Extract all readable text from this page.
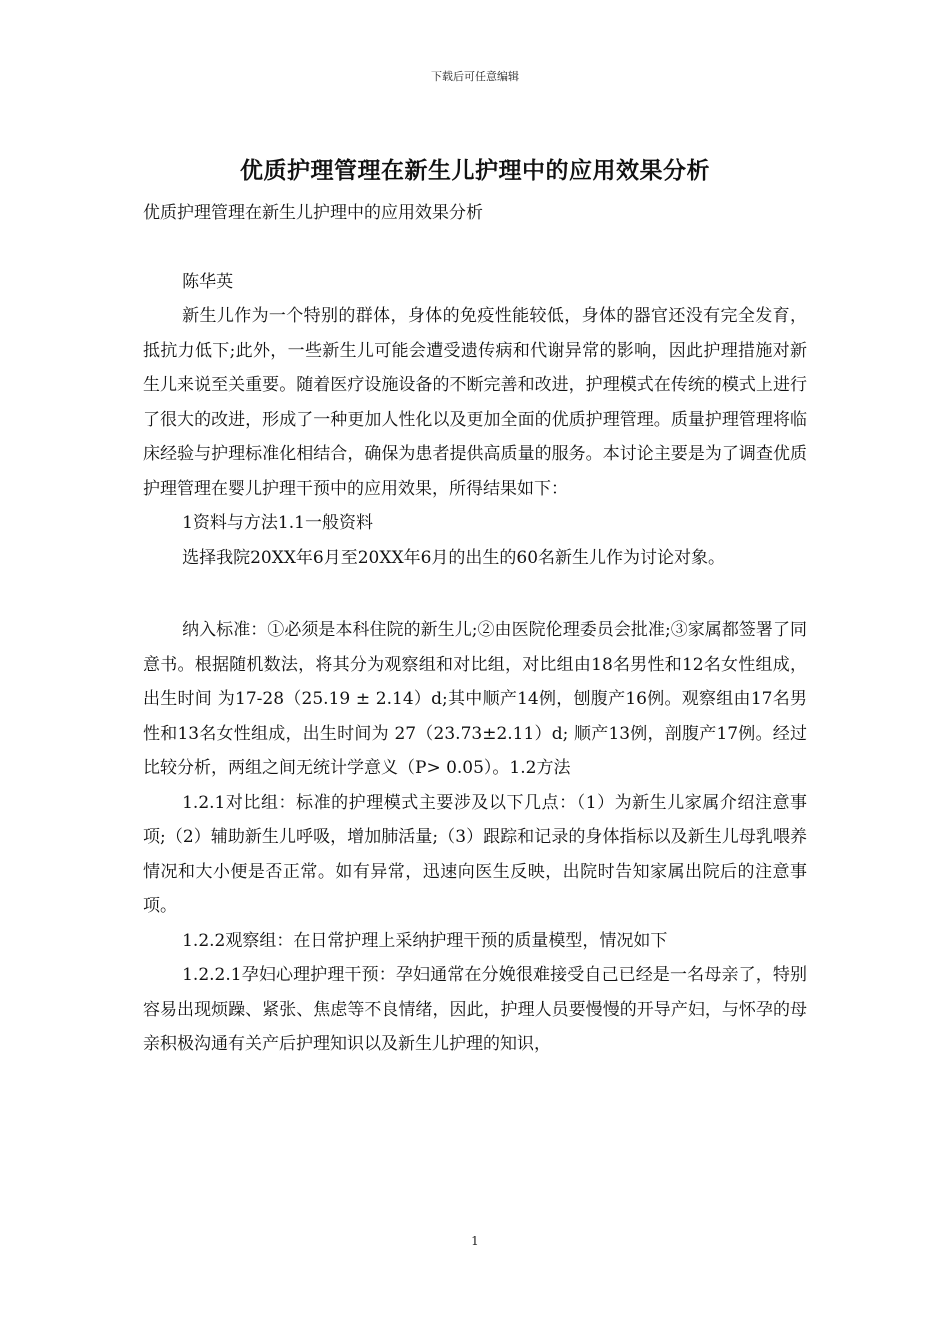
下载后可任意编辑
优质护理管理在新生儿护理中的应用效果分析

优质护理管理在新生儿护理中的应用效果分析

陈华英

新生儿作为一个特别的群体，身体的免疫性能较低，身体的器官还没有完全发育，抵抗力低下;此外，一些新生儿可能会遭受遗传病和代谢异常的影响，因此护理措施对新生儿来说至关重要。随着医疗设施设备的不断完善和改进，护理模式在传统的模式上进行了很大的改进，形成了一种更加人性化以及更加全面的优质护理管理。质量护理管理将临床经验与护理标准化相结合，确保为患者提供高质量的服务。本讨论主要是为了调查优质护理管理在婴儿护理干预中的应用效果，所得结果如下：

1资料与方法1.1一般资料

选择我院20XX年6月至20XX年6月的出生的60名新生儿作为讨论对象。

纳入标准：①必须是本科住院的新生儿;②由医院伦理委员会批准;③家属都签署了同意书。根据随机数法，将其分为观察组和对比组，对比组由18名男性和12名女性组成，出生时间 为17-28（25.19 ± 2.14）d;其中顺产14例，刨腹产16例。观察组由17名男性和13名女性组成，出生时间为 27（23.73±2.11）d; 顺产13例，剖腹产17例。经过比较分析，两组之间无统计学意义（P> 0.05）。1.2方法

1.2.1对比组：标准的护理模式主要涉及以下几点：（1）为新生儿家属介绍注意事项;（2）辅助新生儿呼吸，增加肺活量;（3）跟踪和记录的身体指标以及新生儿母乳喂养情况和大小便是否正常。如有异常，迅速向医生反映，出院时告知家属出院后的注意事项。

1.2.2观察组：在日常护理上采纳护理干预的质量模型，情况如下

1.2.2.1孕妇心理护理干预：孕妇通常在分娩很难接受自己已经是一名母亲了，特别容易出现烦躁、紧张、焦虑等不良情绪，因此，护理人员要慢慢的开导产妇，与怀孕的母亲积极沟通有关产后护理知识以及新生儿护理的知识，

1
